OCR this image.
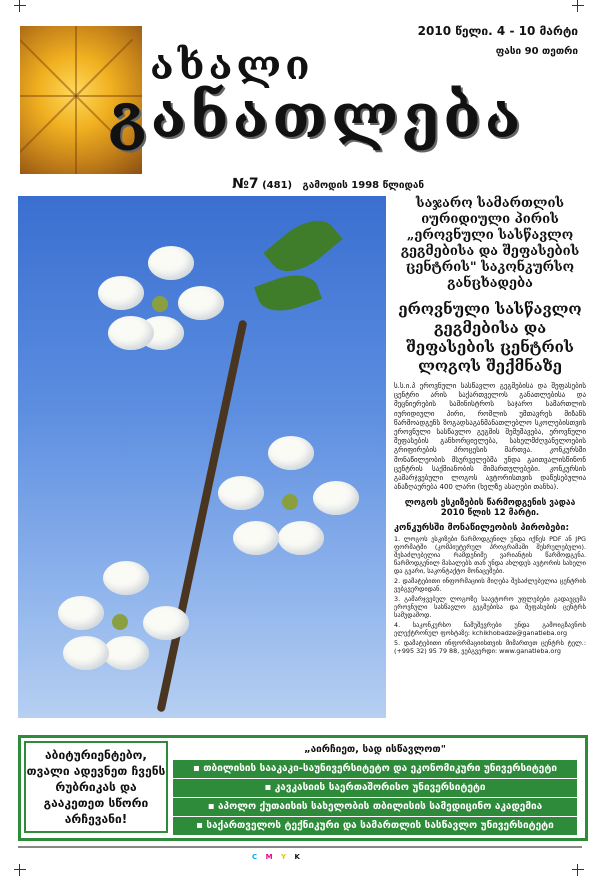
ახალი
განათლება
2010 წელი. 4 - 10 მარტი
ფასი 90 თეთრი
№7 (481) გამოდის 1998 წლიდან
საჯარო სამართლის იურიდიული პირის „ეროვნული სასწავლო გეგმებისა და შეფასების ცენტრის" საკონკურსო განცხადება
ეროვნული სასწავლო გეგმებისა და შეფასების ცენტრის ლოგოს შექმნაზე
ს.ს.ი.პ ეროვნული სასწავლო გეგმებისა და შეფასების ცენტრი არის საქართველოს განათლებისა და მეცნიერების სამინისტროს საჯარო სამართლის იურიდიული პირი, რომლის უმთავრეს მიზანს წარმოადგენს ზოგადსაგანმანათლებლო სკოლებისთვის ეროვნული სასწავლო გეგმის შემუშავება, ეროვნული შეფასების განხორციელება, სახელმძღვანელოების გრიფირების პროცესის მართვა. კონკურსში მონაწილეობის მსურველებმა უნდა გაითვალისწინონ ცენტრის საქმიანობის მიმართულებები. კონკურსის გამარჯვებული ლოგოს ავტორისთვის დაწესებულია ანაზღაურება 400 ლარი (ხელზე ასაღები თანხა).
ლოგოს ესკიზების წარმოდგენის ვადაა 2010 წლის 12 მარტი.
კონკურსში მონაწილეობის პირობები:
1. ლოგოს ესკიზები წარმოდგენილ უნდა იქნეს PDF ან JPG ფორმატში (კომპიუტერულ პროგრამაში შესრულებული). შესაძლებელია რამდენიმე ვარიანტის წარმოდგენა. წარმოდგენილ მასალებს თან უნდა ახლდეს ავტორის სახელი და გვარი, საკონტაქტო მონაცემები.
2. დამატებითი ინფორმაციის მიღება შესაძლებელია ცენტრის ვებგვერდიდან.
3. გამარჯვებულ ლოგოზე საავტორო უფლებები გადაეცემა ეროვნული სასწავლო გეგმებისა და შეფასების ცენტრს სამუდამოდ.
4. საკონკურსო ნამუშევრები უნდა გამოიგზავნოს ელექტრონულ ფოსტაზე: kchikhobadze@ganatleba.org
5. დამატებითი ინფორმაციისთვის მიმართეთ ცენტრს ტელ.: (+995 32) 95 79 88, ვებგვერდი: www.ganatleba.org
აბიტურიენტებო, თვალი ადევნეთ ჩვენს რუბრიკას და გააკეთეთ სწორი არჩევანი!
„აირჩიეთ, სად ისწავლოთ"
▪ თბილისის სააკაკი-საუნივერსიტეტო და ეკონომიკური უნივერსიტეტი
▪ კავკასიის საერთაშორისო უნივერსიტეტი
▪ აპოლო ქუთაისის სახელობის თბილისის სამედიცინო აკადემია
▪ საქართველოს ტექნიკური და სამართლის სასწავლო უნივერსიტეტი
C M Y K
